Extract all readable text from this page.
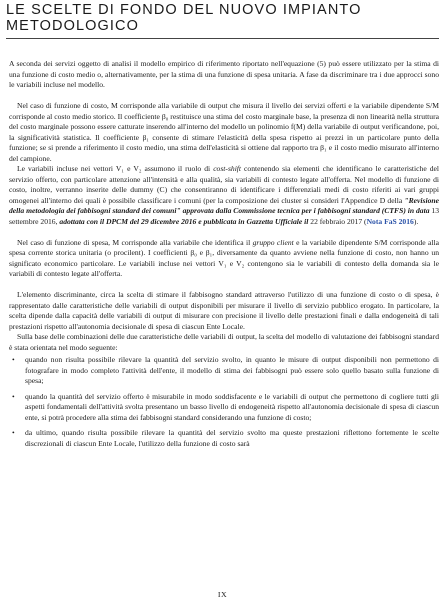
LE SCELTE DI FONDO DEL NUOVO IMPIANTO METODOLOGICO

A seconda dei servizi oggetto di analisi il modello empirico di riferimento riportato nell'equazione (5) può essere utilizzato per la stima di una funzione di costo medio o, alternativamente, per la stima di una funzione di spesa unitaria. A fase da discriminare tra i due approcci sono le variabili incluse nel modello.

Nel caso di funzione di costo, M corrisponde alla variabile di output che misura il livello dei servizi offerti e la variabile dipendente S/M corrisponde al costo medio storico. Il coefficiente β₀ restituisce una stima del costo marginale base, la presenza di non linearità nella struttura del costo marginale possono essere catturate inserendo all'interno del modello un polinomio f(M) della variabile di output verificandone, poi, la significatività statistica. Il coefficiente β₁ consente di stimare l'elasticità della spesa rispetto ai prezzi in un particolare punto della funzione; se si prende a riferimento il costo medio, una stima dell'elasticità si ottiene dal rapporto tra β₁ e il costo medio misurato all'interno del campione.

Le variabili incluse nei vettori V₁ e V₂ assumono il ruolo di cost-shift contenendo sia elementi che identificano le caratteristiche del servizio offerto, con particolare attenzione all'intensità e alla qualità, sia variabili di contesto legate all'offerta. Nel modello di funzione di costo, inoltre, verranno inserite delle dummy (C) che consentiranno di identificare i differenziali medi di costo riferiti ai vari gruppi omogenei all'interno dei quali è possibile classificare i comuni (per la composizione dei cluster si consideri l'Appendice D della "Revisione della metodologia dei fabbisogni standard dei comuni" approvata dalla Commissione tecnica per i fabbisogni standard (CTFS) in data 13 settembre 2016, adottata con il DPCM del 29 dicembre 2016 e pubblicata in Gazzetta Ufficiale il 22 febbraio 2017 (Nota FaS 2016).

Nel caso di funzione di spesa, M corrisponde alla variabile che identifica il gruppo client e la variabile dipendente S/M corrisponde alla spesa corrente storica unitaria (o procilent). I coefficienti β₀ e β₁, diversamente da quanto avviene nella funzione di costo, non hanno un significato economico particolare. Le variabili incluse nei vettori V₁ e V₂ contengono sia le variabili di contesto della domanda sia le variabili di contesto legate all'offerta.

L'elemento discriminante, circa la scelta di stimare il fabbisogno standard attraverso l'utilizzo di una funzione di costo o di spesa, è rappresentato dalle caratteristiche delle variabili di output disponibili per misurare il livello di servizio pubblico erogato. In particolare, la scelta dipende dalla capacità delle variabili di output di misurare con precisione il livello delle prestazioni finali e dalla endogeneità di tali prestazioni rispetto all'autonomia decisionale di spesa di ciascun Ente Locale.

Sulla base delle combinazioni delle due caratteristiche delle variabili di output, la scelta del modello di valutazione dei fabbisogni standard è stata orientata nel modo seguente:

• quando non risulta possibile rilevare la quantità del servizio svolto, in quanto le misure di output disponibili non permettono di fotografare in modo completo l'attività dell'ente, il modello di stima dei fabbisogni può essere solo quello basato sulla funzione di spesa;
• quando la quantità del servizio offerto è misurabile in modo soddisfacente e le variabili di output che permettono di cogliere tutti gli aspetti fondamentali dell'attività svolta presentano un basso livello di endogeneità rispetto all'autonomia decisionale di spesa di ciascun ente, si potrà procedere alla stima dei fabbisogni standard considerando una funzione di costo;
• da ultimo, quando risulta possibile rilevare la quantità del servizio svolto ma queste prestazioni riflettono fortemente le scelte discrezionali di ciascun Ente Locale, l'utilizzo della funzione di costo sarà
IX
